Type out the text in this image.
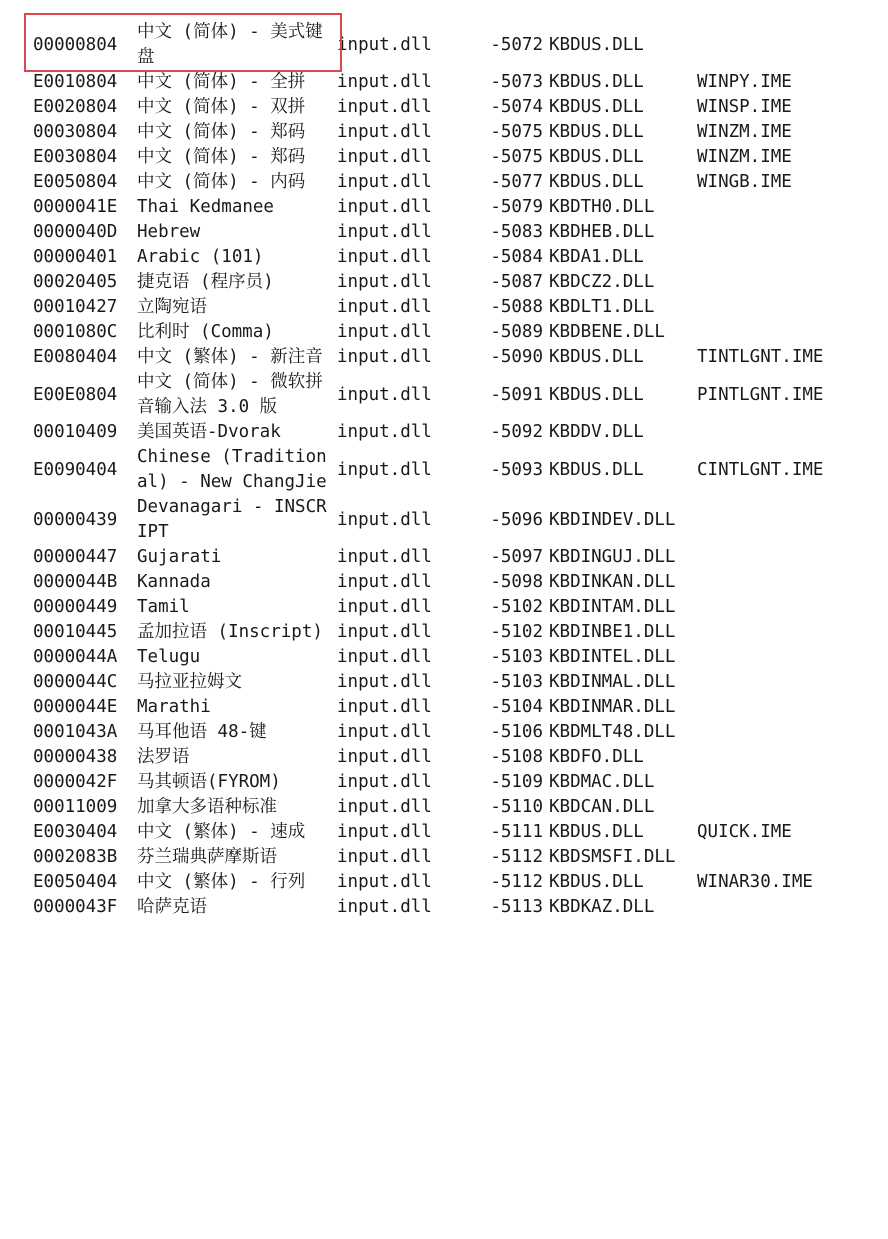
00000804	中文 (简体) - 美式键盘	input.dll	-5072	KBDUS.DLL	
E0010804	中文 (简体) - 全拼	input.dll	-5073	KBDUS.DLL	WINPY.IME
E0020804	中文 (简体) - 双拼	input.dll	-5074	KBDUS.DLL	WINSP.IME
00030804	中文 (简体) - 郑码	input.dll	-5075	KBDUS.DLL	WINZM.IME
E0030804	中文 (简体) - 郑码	input.dll	-5075	KBDUS.DLL	WINZM.IME
E0050804	中文 (简体) - 内码	input.dll	-5077	KBDUS.DLL	WINGB.IME
0000041E	Thai Kedmanee	input.dll	-5079	KBDTH0.DLL	
0000040D	Hebrew	input.dll	-5083	KBDHEB.DLL	
00000401	Arabic (101)	input.dll	-5084	KBDA1.DLL	
00020405	捷克语 (程序员)	input.dll	-5087	KBDCZ2.DLL	
00010427	立陶宛语	input.dll	-5088	KBDLT1.DLL	
0001080C	比利时 (Comma)	input.dll	-5089	KBDBENE.DLL	
E0080404	中文 (繁体) - 新注音	input.dll	-5090	KBDUS.DLL	TINTLGNT.IME
E00E0804	中文 (简体) - 微软拼音输入法 3.0 版	input.dll	-5091	KBDUS.DLL	PINTLGNT.IME
00010409	美国英语-Dvorak	input.dll	-5092	KBDDV.DLL	
E0090404	Chinese (Traditional) - New ChangJie	input.dll	-5093	KBDUS.DLL	CINTLGNT.IME
00000439	Devanagari - INSCRIPT	input.dll	-5096	KBDINDEV.DLL	
00000447	Gujarati	input.dll	-5097	KBDINGUJ.DLL	
0000044B	Kannada	input.dll	-5098	KBDINKAN.DLL	
00000449	Tamil	input.dll	-5102	KBDINTAM.DLL	
00010445	孟加拉语 (Inscript)	input.dll	-5102	KBDINBE1.DLL	
0000044A	Telugu	input.dll	-5103	KBDINTEL.DLL	
0000044C	马拉亚拉姆文	input.dll	-5103	KBDINMAL.DLL	
0000044E	Marathi	input.dll	-5104	KBDINMAR.DLL	
0001043A	马耳他语 48-键	input.dll	-5106	KBDMLT48.DLL	
00000438	法罗语	input.dll	-5108	KBDFO.DLL	
0000042F	马其顿语(FYROM)	input.dll	-5109	KBDMAC.DLL	
00011009	加拿大多语种标准	input.dll	-5110	KBDCAN.DLL	
E0030404	中文 (繁体) - 速成	input.dll	-5111	KBDUS.DLL	QUICK.IME
0002083B	芬兰瑞典萨摩斯语	input.dll	-5112	KBDSMSFI.DLL	
E0050404	中文 (繁体) - 行列	input.dll	-5112	KBDUS.DLL	WINAR30.IME
0000043F	哈萨克语	input.dll	-5113	KBDKAZ.DLL	
